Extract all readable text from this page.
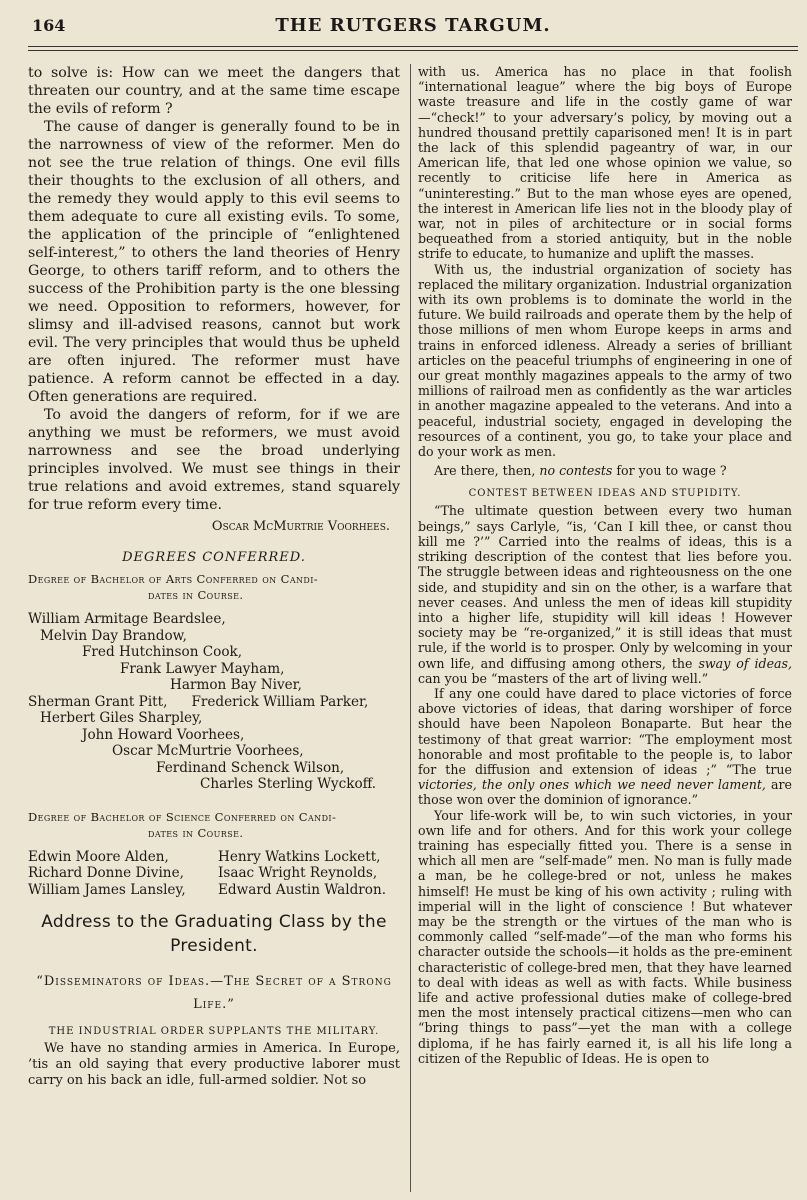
164	THE RUTGERS TARGUM.

to solve is: How can we meet the dangers that threaten our country, and at the same time escape the evils of reform ?

The cause of danger is generally found to be in the narrowness of view of the reformer. Men do not see the true relation of things. One evil fills their thoughts to the exclusion of all others, and the remedy they would apply to this evil seems to them adequate to cure all existing evils. To some, the application of the principle of “enlightened self-interest,” to others the land theories of Henry George, to others tariff reform, and to others the success of the Prohibition party is the one blessing we need. Opposition to reformers, however, for slimsy and ill-advised reasons, cannot but work evil. The very principles that would thus be upheld are often injured. The reformer must have patience. A reform cannot be effected in a day. Often generations are required.

To avoid the dangers of reform, for if we are anything we must be reformers, we must avoid narrowness and see the broad underlying principles involved. We must see things in their true relations and avoid extremes, stand squarely for true reform every time.

Oscar McMurtrie Voorhees.
DEGREES CONFERRED.
Degree of Bachelor of Arts Conferred on Candi-
dates in Course.

William Armitage Beardslee,

Melvin Day Brandow,

Fred Hutchinson Cook,

Frank Lawyer Mayham,

Harmon Bay Niver,

Sherman Grant Pitt, Frederick William Parker,

Herbert Giles Sharpley,

John Howard Voorhees,

Oscar McMurtrie Voorhees,

Ferdinand Schenck Wilson,

Charles Sterling Wyckoff.

Degree of Bachelor of Science Conferred on Candi-
dates in Course.
Edwin Moore Alden,
Richard Donne Divine,
William James Lansley,
Henry Watkins Lockett,
Isaac Wright Reynolds,
Edward Austin Waldron.
Address to the Graduating Class by the President.
“Disseminators of Ideas.—The Secret of a Strong Life.”
THE INDUSTRIAL ORDER SUPPLANTS THE MILITARY.

We have no standing armies in America. In Europe, ’tis an old saying that every productive laborer must carry on his back an idle, full-armed soldier. Not so

with us. America has no place in that foolish “international league” where the big boys of Europe waste treasure and life in the costly game of war—“check!” to your adversary’s policy, by moving out a hundred thousand prettily caparisoned men! It is in part the lack of this splendid pageantry of war, in our American life, that led one whose opinion we value, so recently to criticise life here in America as “uninteresting.” But to the man whose eyes are opened, the interest in American life lies not in the bloody play of war, not in piles of architecture or in social forms bequeathed from a storied antiquity, but in the noble strife to educate, to humanize and uplift the masses.

With us, the industrial organization of society has replaced the military organization. Industrial organization with its own problems is to dominate the world in the future. We build railroads and operate them by the help of those millions of men whom Europe keeps in arms and trains in enforced idleness. Already a series of brilliant articles on the peaceful triumphs of engineering in one of our great monthly magazines appeals to the army of two millions of railroad men as confidently as the war articles in another magazine appealed to the veterans. And into a peaceful, industrial society, engaged in developing the resources of a continent, you go, to take your place and do your work as men.

Are there, then, no contests for you to wage ?

CONTEST BETWEEN IDEAS AND STUPIDITY.

“The ultimate question between every two human beings,” says Carlyle, “is, ‘Can I kill thee, or canst thou kill me ?’” Carried into the realms of ideas, this is a striking description of the contest that lies before you. The struggle between ideas and righteousness on the one side, and stupidity and sin on the other, is a warfare that never ceases. And unless the men of ideas kill stupidity into a higher life, stupidity will kill ideas ! However society may be “re-organized,” it is still ideas that must rule, if the world is to prosper. Only by welcoming in your own life, and diffusing among others, the sway of ideas, can you be “masters of the art of living well.”

If any one could have dared to place victories of force above victories of ideas, that daring worshiper of force should have been Napoleon Bonaparte. But hear the testimony of that great warrior: “The employment most honorable and most profitable to the people is, to labor for the diffusion and extension of ideas ;” “The true victories, the only ones which we need never lament, are those won over the dominion of ignorance.”

Your life-work will be, to win such victories, in your own life and for others. And for this work your college training has especially fitted you. There is a sense in which all men are “self-made” men. No man is fully made a man, be he college-bred or not, unless he makes himself! He must be king of his own activity ; ruling with imperial will in the light of conscience ! But whatever may be the strength or the virtues of the man who is commonly called “self-made”—of the man who forms his character outside the schools—it holds as the pre-eminent characteristic of college-bred men, that they have learned to deal with ideas as well as with facts. While business life and active professional duties make of college-bred men the most intensely practical citizens—men who can “bring things to pass”—yet the man with a college diploma, if he has fairly earned it, is all his life long a citizen of the Republic of Ideas. He is open to
